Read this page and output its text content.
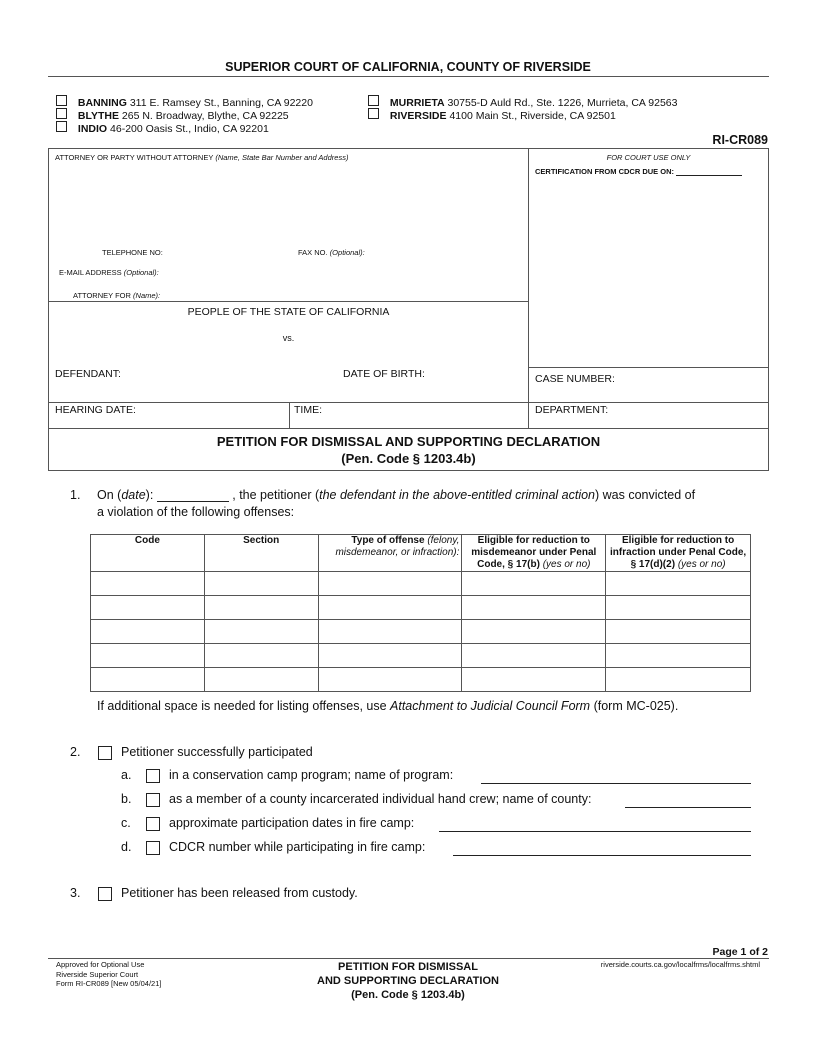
SUPERIOR COURT OF CALIFORNIA, COUNTY OF RIVERSIDE
BANNING 311 E. Ramsey St., Banning, CA 92220
BLYTHE 265 N. Broadway, Blythe, CA 92225
INDIO 46-200 Oasis St., Indio, CA 92201
MURRIETA 30755-D Auld Rd., Ste. 1226, Murrieta, CA 92563
RIVERSIDE 4100 Main St., Riverside, CA 92501
RI-CR089
ATTORNEY OR PARTY WITHOUT ATTORNEY (Name, State Bar Number and Address)
TELEPHONE NO:	FAX NO. (Optional):
E-MAIL ADDRESS (Optional):
ATTORNEY FOR (Name):
FOR COURT USE ONLY
CERTIFICATION FROM CDCR DUE ON:
PEOPLE OF THE STATE OF CALIFORNIA
vs.
DEFENDANT:	DATE OF BIRTH:	CASE NUMBER:
HEARING DATE:	TIME:	DEPARTMENT:
PETITION FOR DISMISSAL AND SUPPORTING DECLARATION
(Pen. Code § 1203.4b)
1. On (date):	, the petitioner (the defendant in the above-entitled criminal action) was convicted of
a violation of the following offenses:
Code	Section	Type of offense (felony, misdemeanor, or infraction):	Eligible for reduction to misdemeanor under Penal Code, § 17(b) (yes or no)	Eligible for reduction to infraction under Penal Code, § 17(d)(2) (yes or no)

If additional space is needed for listing offenses, use Attachment to Judicial Council Form (form MC-025).
2.	Petitioner successfully participated
a.	in a conservation camp program; name of program:
b.	as a member of a county incarcerated individual hand crew; name of county:
c.	approximate participation dates in fire camp:
d.	CDCR number while participating in fire camp:
3.	Petitioner has been released from custody.
Page 1 of 2
Approved for Optional Use
Riverside Superior Court
Form RI-CR089 [New 05/04/21]
PETITION FOR DISMISSAL
AND SUPPORTING DECLARATION
(Pen. Code § 1203.4b)
riverside.courts.ca.gov/localfrms/localfrms.shtml
